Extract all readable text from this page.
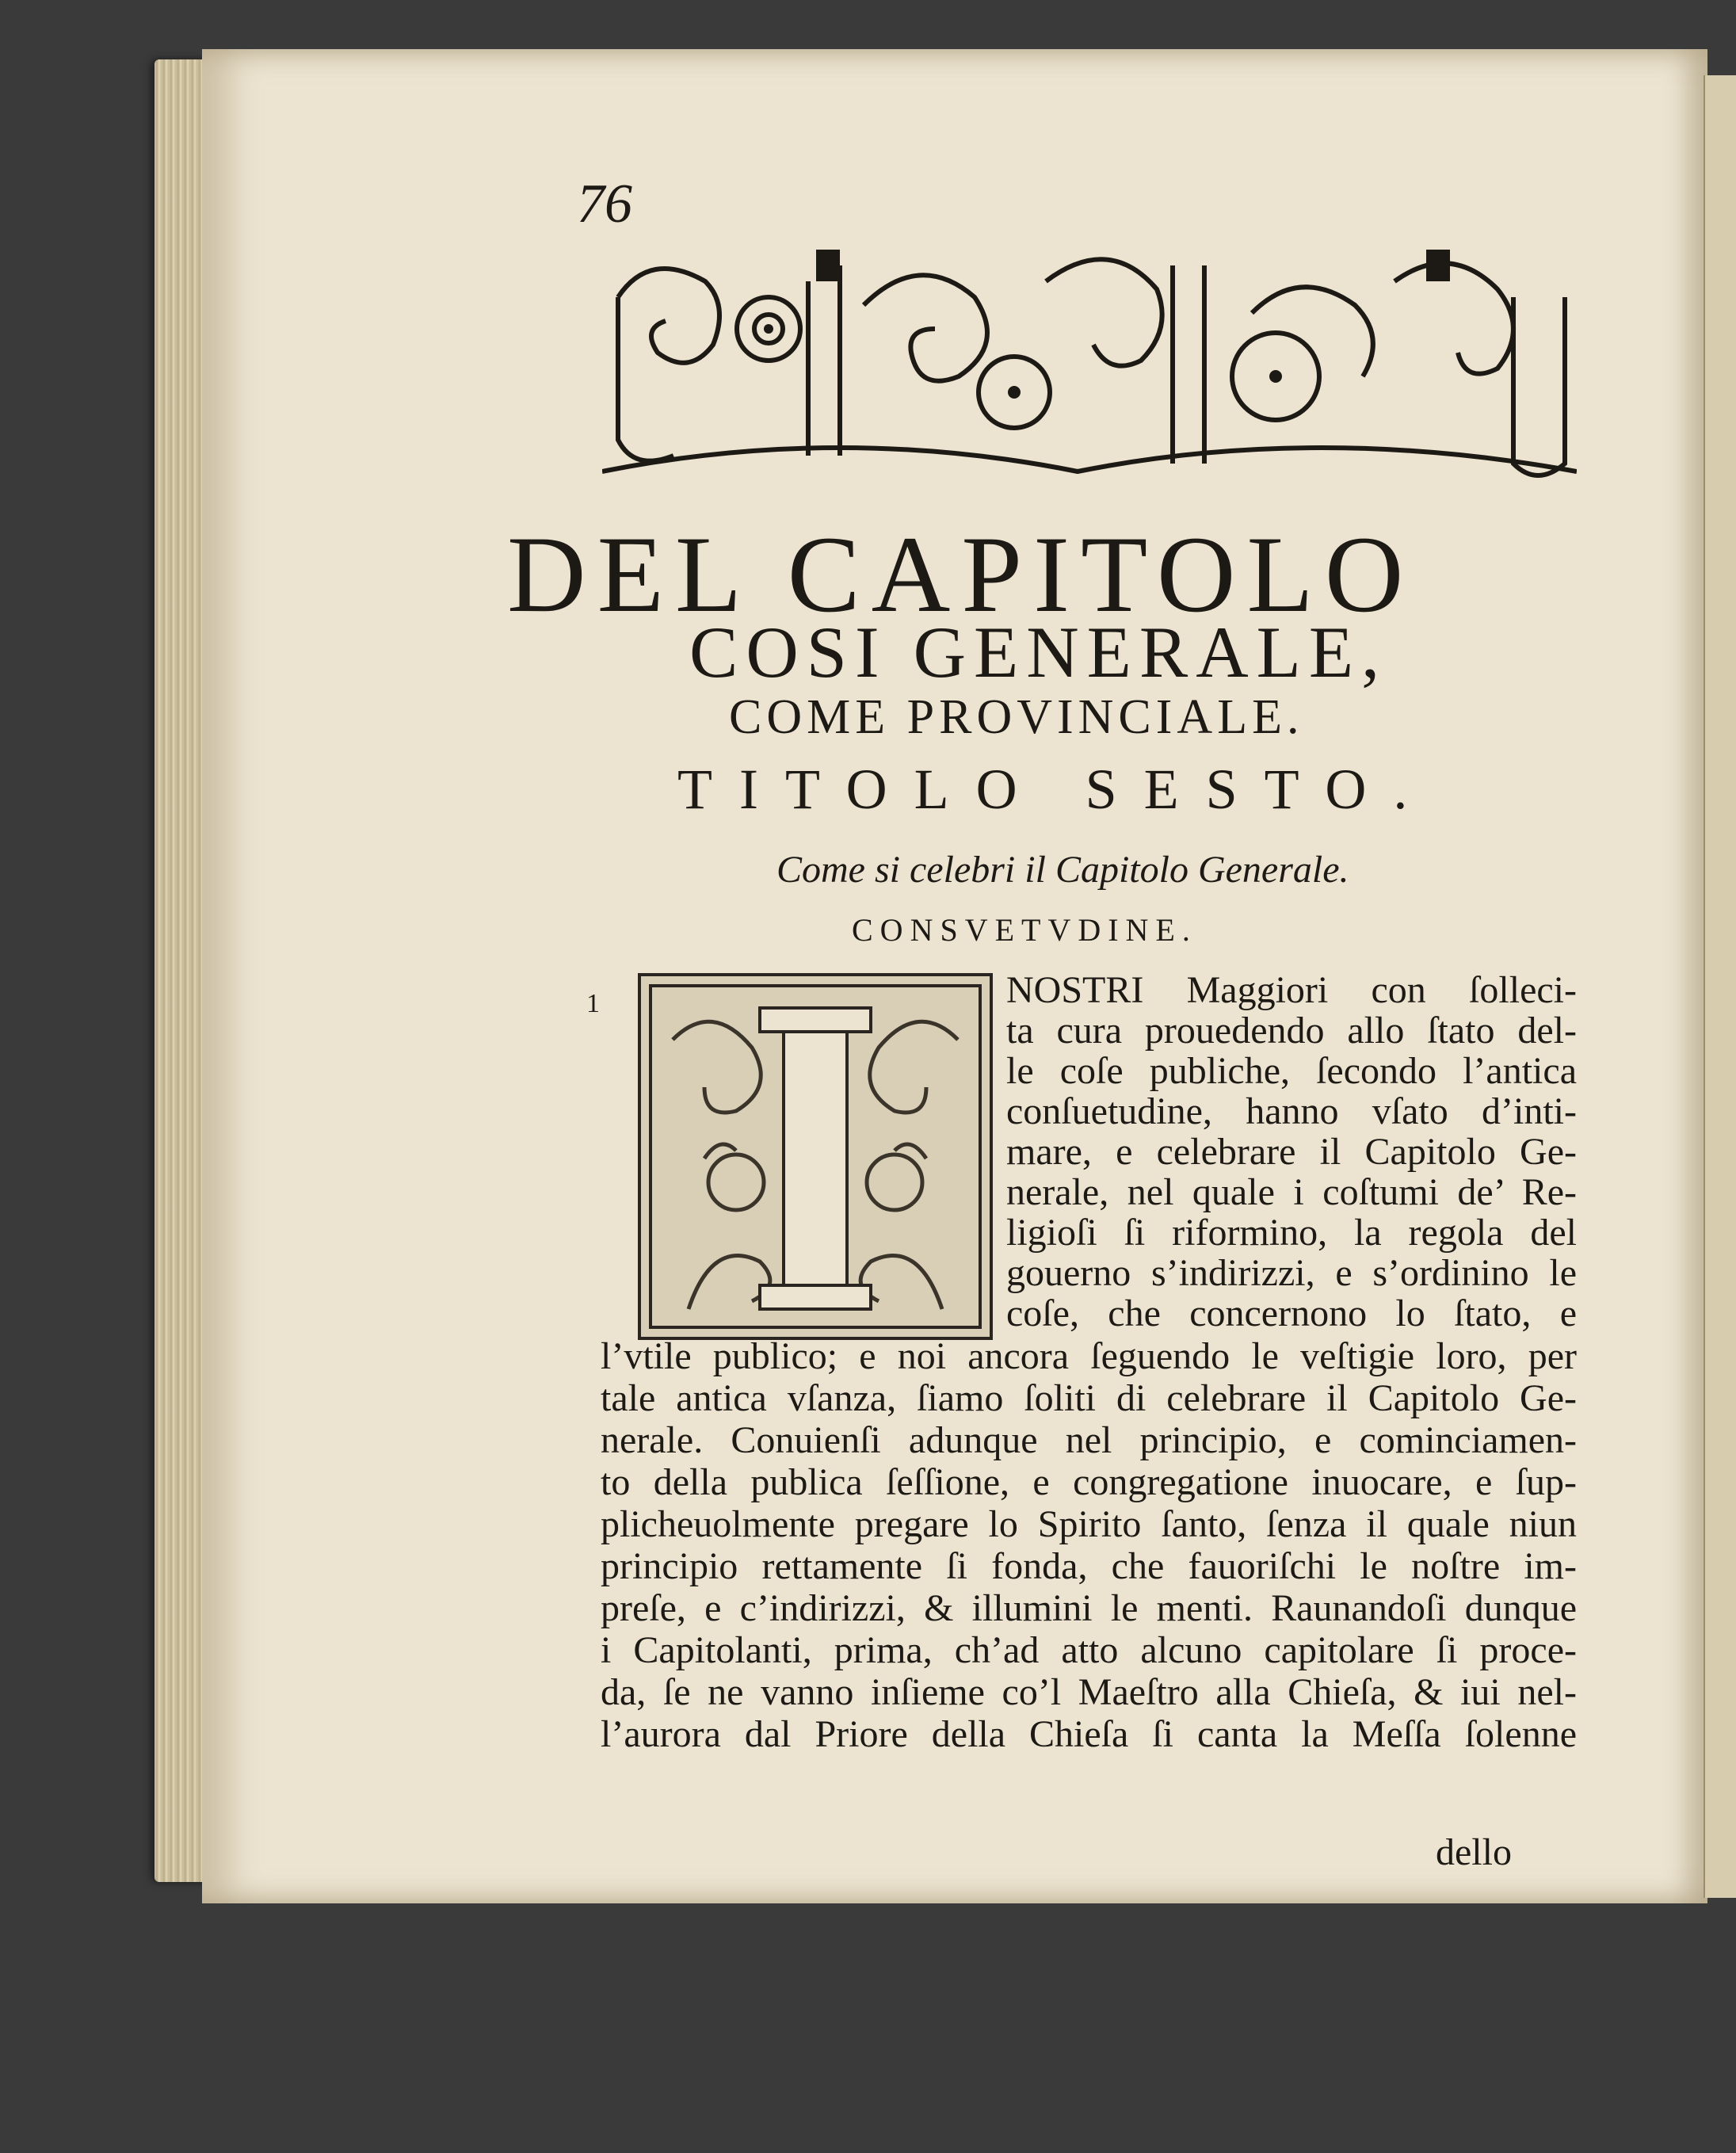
76
DEL CAPITOLO
COSI GENERALE,
COME PROVINCIALE.
TITOLO SESTO.
Come si celebri il Capitolo Generale.
CONSVETVDINE.
1
I
NOSTRI Maggiori con ſolleci-
ta cura prouedendo allo ſtato del-
le coſe publiche, ſecondo l’antica
conſuetudine, hanno vſato d’inti-
mare, e celebrare il Capitolo Ge-
nerale, nel quale i coſtumi de’ Re-
ligioſi ſi riformino, la regola del
gouerno s’indirizzi, e s’ordinino le
coſe, che concernono lo ſtato, e
l’vtile publico; e noi ancora ſeguendo le veſtigie loro, per
tale antica vſanza, ſiamo ſoliti di celebrare il Capitolo Ge-
nerale. Conuienſi adunque nel principio, e cominciamen-
to della publica ſeſſione, e congregatione inuocare, e ſup-
plicheuolmente pregare lo Spirito ſanto, ſenza il quale niun
principio rettamente ſi fonda, che fauoriſchi le noſtre im-
preſe, e c’indirizzi, & illumini le menti. Raunandoſi dunque
i Capitolanti, prima, ch’ad atto alcuno capitolare ſi proce-
da, ſe ne vanno inſieme co’l Maeſtro alla Chieſa, & iui nel-
l’aurora dal Priore della Chieſa ſi canta la Meſſa ſolenne
dello
